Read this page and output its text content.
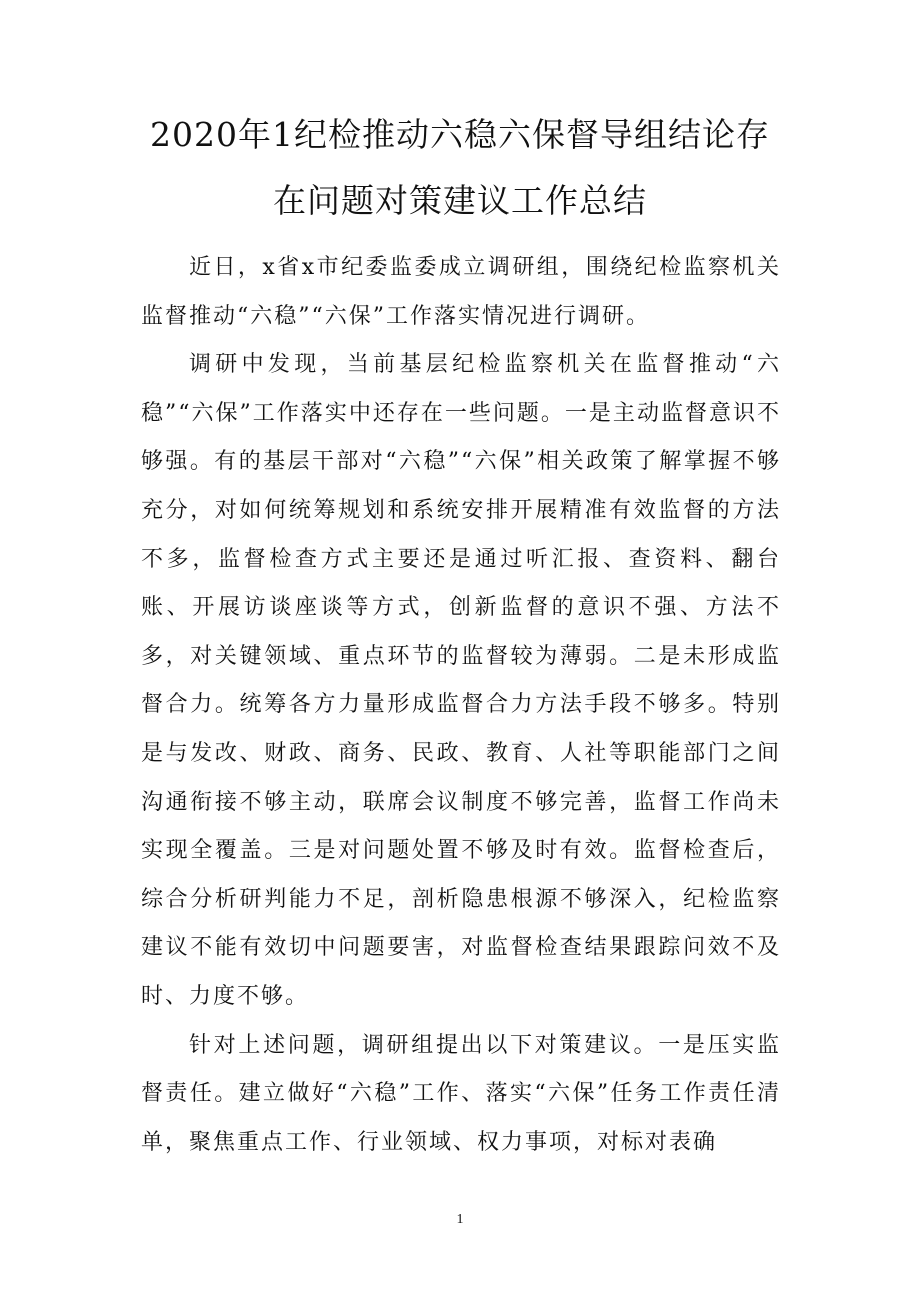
2020年1纪检推动六稳六保督导组结论存
在问题对策建议工作总结

近日，x省x市纪委监委成立调研组，围绕纪检监察机关监督推动“六稳”“六保”工作落实情况进行调研。

调研中发现，当前基层纪检监察机关在监督推动“六稳”“六保”工作落实中还存在一些问题。一是主动监督意识不够强。有的基层干部对“六稳”“六保”相关政策了解掌握不够充分，对如何统筹规划和系统安排开展精准有效监督的方法不多，监督检查方式主要还是通过听汇报、查资料、翻台账、开展访谈座谈等方式，创新监督的意识不强、方法不多，对关键领域、重点环节的监督较为薄弱。二是未形成监督合力。统筹各方力量形成监督合力方法手段不够多。特别是与发改、财政、商务、民政、教育、人社等职能部门之间沟通衔接不够主动，联席会议制度不够完善，监督工作尚未实现全覆盖。三是对问题处置不够及时有效。监督检查后，综合分析研判能力不足，剖析隐患根源不够深入，纪检监察建议不能有效切中问题要害，对监督检查结果跟踪问效不及时、力度不够。

针对上述问题，调研组提出以下对策建议。一是压实监督责任。建立做好“六稳”工作、落实“六保”任务工作责任清单，聚焦重点工作、行业领域、权力事项，对标对表确

1
